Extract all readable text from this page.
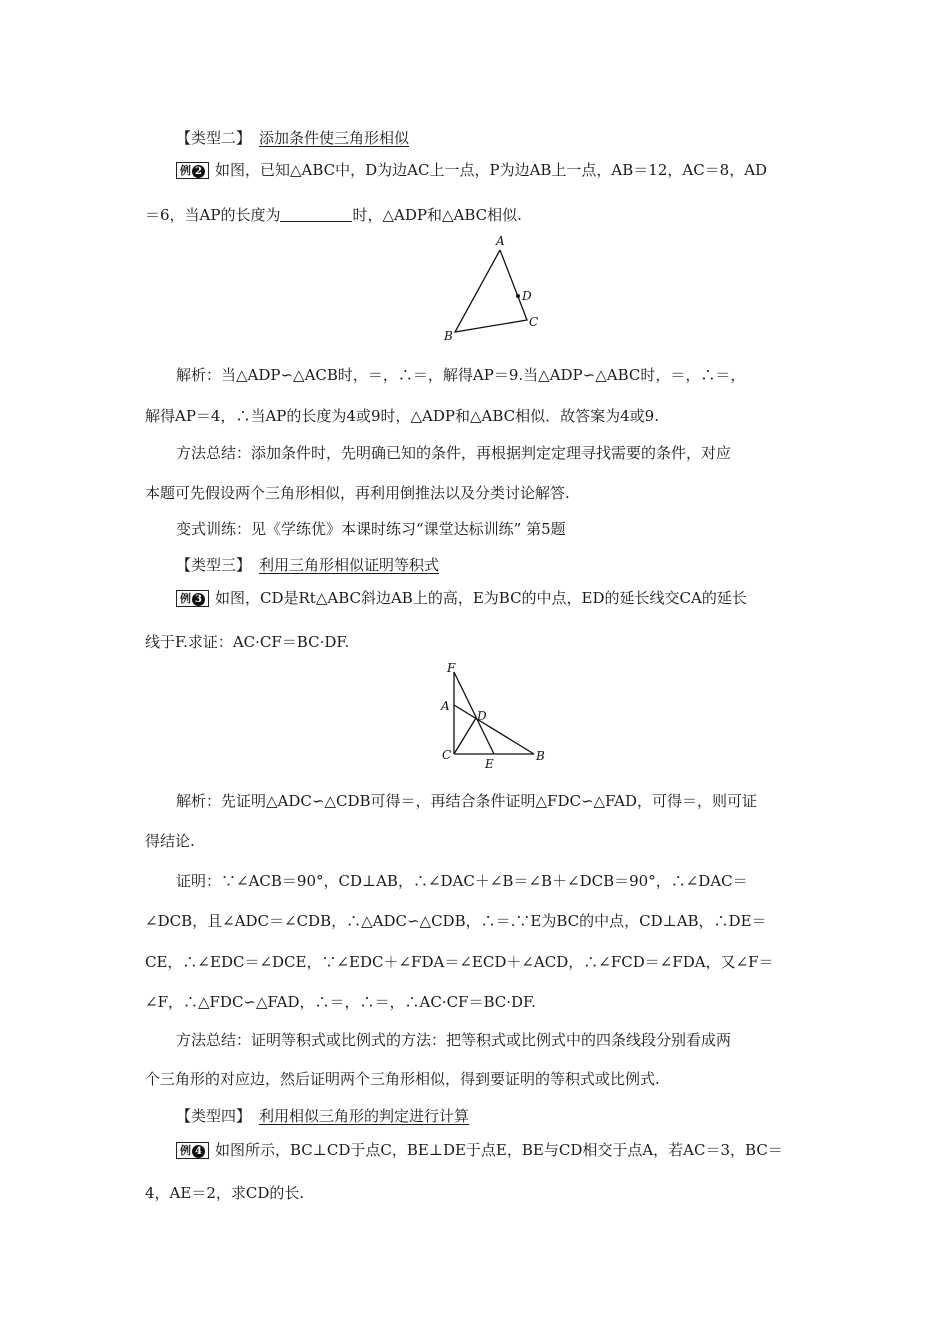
【类型二】 添加条件使三角形相似
例 2 如图，已知△ABC中，D为边AC上一点，P为边AB上一点，AB＝12，AC＝8，AD
＝6，当AP的长度为	时，△ADP和△ABC相似.
A
D
C
B
解析：当△ADP∽△ACB时，＝，∴＝，解得AP＝9.当△ADP∽△ABC时，＝，∴＝，
解得AP＝4，∴当AP的长度为4或9时，△ADP和△ABC相似．故答案为4或9.
方法总结：添加条件时，先明确已知的条件，再根据判定定理寻找需要的条件，对应
本题可先假设两个三角形相似，再利用倒推法以及分类讨论解答.
变式训练：见《学练优》本课时练习“课堂达标训练” 第5题
【类型三】 利用三角形相似证明等积式
例 3 如图，CD是Rt△ABC斜边AB上的高，E为BC的中点，ED的延长线交CA的延长
线于F.求证：AC·CF＝BC·DF.
F
A
D
C
E
B
解析：先证明△ADC∽△CDB可得＝，再结合条件证明△FDC∽△FAD，可得＝，则可证
得结论.
证明：∵∠ACB＝90°，CD⊥AB，∴∠DAC＋∠B＝∠B＋∠DCB＝90°，∴∠DAC＝
∠DCB，且∠ADC＝∠CDB，∴△ADC∽△CDB，∴＝.∵E为BC的中点，CD⊥AB，∴DE＝
CE，∴∠EDC＝∠DCE，∵∠EDC＋∠FDA＝∠ECD＋∠ACD，∴∠FCD＝∠FDA，又∠F＝
∠F，∴△FDC∽△FAD，∴＝，∴＝，∴AC·CF＝BC·DF.
方法总结：证明等积式或比例式的方法：把等积式或比例式中的四条线段分别看成两
个三角形的对应边，然后证明两个三角形相似，得到要证明的等积式或比例式.
【类型四】 利用相似三角形的判定进行计算
例 4 如图所示，BC⊥CD于点C，BE⊥DE于点E，BE与CD相交于点A，若AC＝3，BC＝
4，AE＝2，求CD的长.
